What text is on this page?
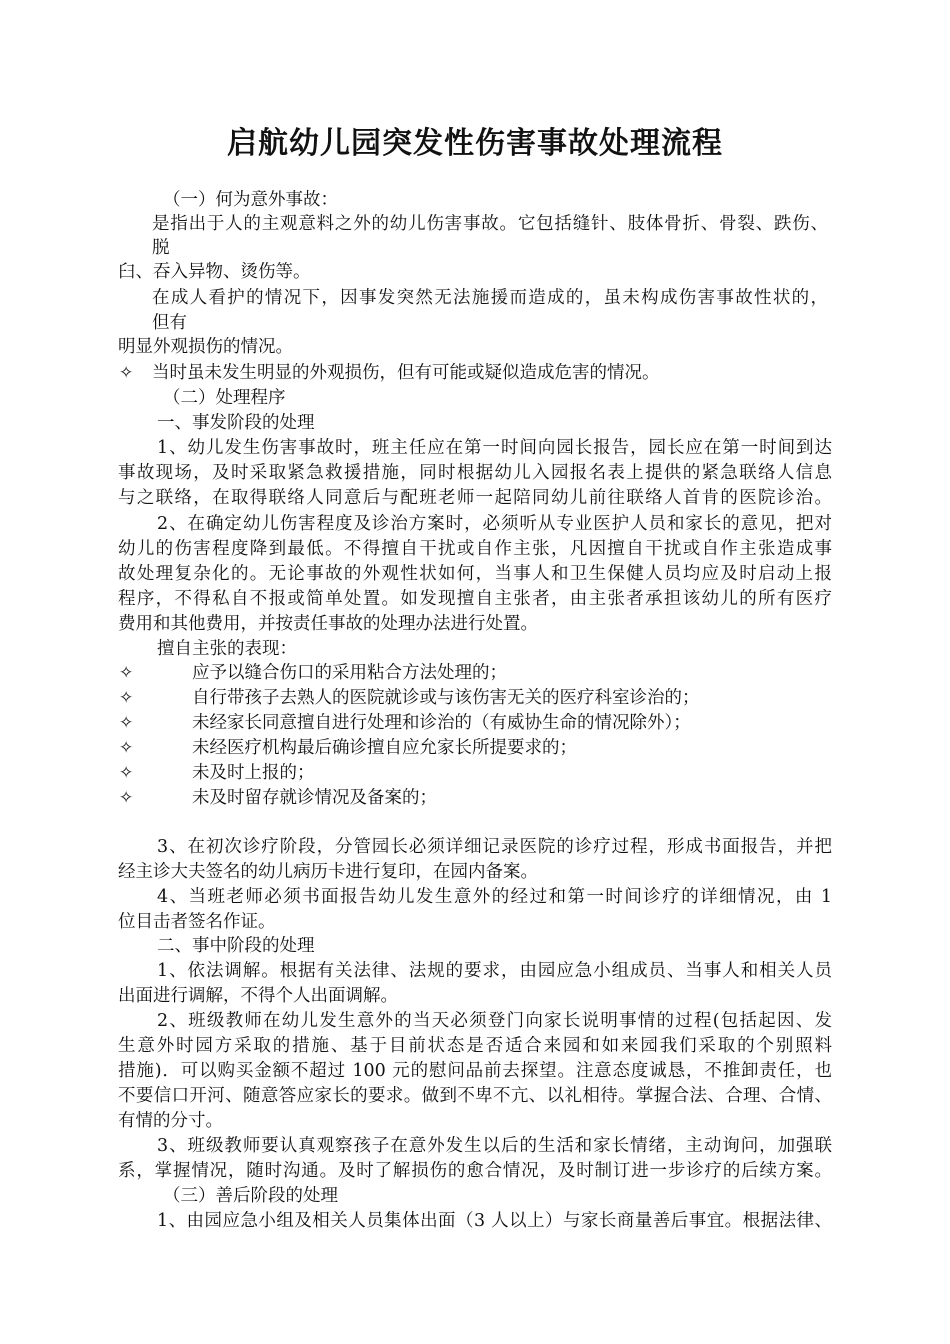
启航幼儿园突发性伤害事故处理流程
（一）何为意外事故：
是指出于人的主观意料之外的幼儿伤害事故。它包括缝针、肢体骨折、骨裂、跌伤、
脱
臼、吞入异物、烫伤等。
在成人看护的情况下，因事发突然无法施援而造成的，虽未构成伤害事故性状的，
但有
明显外观损伤的情况。
✧ 当时虽未发生明显的外观损伤，但有可能或疑似造成危害的情况。
（二）处理程序
一、事发阶段的处理
1、幼儿发生伤害事故时，班主任应在第一时间向园长报告，园长应在第一时间到达
事故现场，及时采取紧急救援措施，同时根据幼儿入园报名表上提供的紧急联络人信息
与之联络，在取得联络人同意后与配班老师一起陪同幼儿前往联络人首肯的医院诊治。
2、在确定幼儿伤害程度及诊治方案时，必须听从专业医护人员和家长的意见，把对
幼儿的伤害程度降到最低。不得擅自干扰或自作主张，凡因擅自干扰或自作主张造成事
故处理复杂化的。无论事故的外观性状如何，当事人和卫生保健人员均应及时启动上报
程序，不得私自不报或简单处置。如发现擅自主张者，由主张者承担该幼儿的所有医疗
费用和其他费用，并按责任事故的处理办法进行处置。
擅自主张的表现：
✧	应予以缝合伤口的采用粘合方法处理的；
✧	自行带孩子去熟人的医院就诊或与该伤害无关的医疗科室诊治的；
✧	未经家长同意擅自进行处理和诊治的（有威协生命的情况除外）；
✧	未经医疗机构最后确诊擅自应允家长所提要求的；
✧	未及时上报的；
✧	未及时留存就诊情况及备案的；
3、在初次诊疗阶段，分管园长必须详细记录医院的诊疗过程，形成书面报告，并把
经主诊大夫签名的幼儿病历卡进行复印，在园内备案。
4、当班老师必须书面报告幼儿发生意外的经过和第一时间诊疗的详细情况，由 1
位目击者签名作证。
二、事中阶段的处理
1、依法调解。根据有关法律、法规的要求，由园应急小组成员、当事人和相关人员
出面进行调解，不得个人出面调解。
2、班级教师在幼儿发生意外的当天必须登门向家长说明事情的过程(包括起因、发
生意外时园方采取的措施、基于目前状态是否适合来园和如来园我们采取的个别照料
措施)．可以购买金额不超过 100 元的慰问品前去探望。注意态度诚恳，不推卸责任，也
不要信口开河、随意答应家长的要求。做到不卑不亢、以礼相待。掌握合法、合理、合情、
有情的分寸。
3、班级教师要认真观察孩子在意外发生以后的生活和家长情绪，主动询问，加强联
系，掌握情况，随时沟通。及时了解损伤的愈合情况，及时制订进一步诊疗的后续方案。
（三）善后阶段的处理
1、由园应急小组及相关人员集体出面（3 人以上）与家长商量善后事宜。根据法律、
